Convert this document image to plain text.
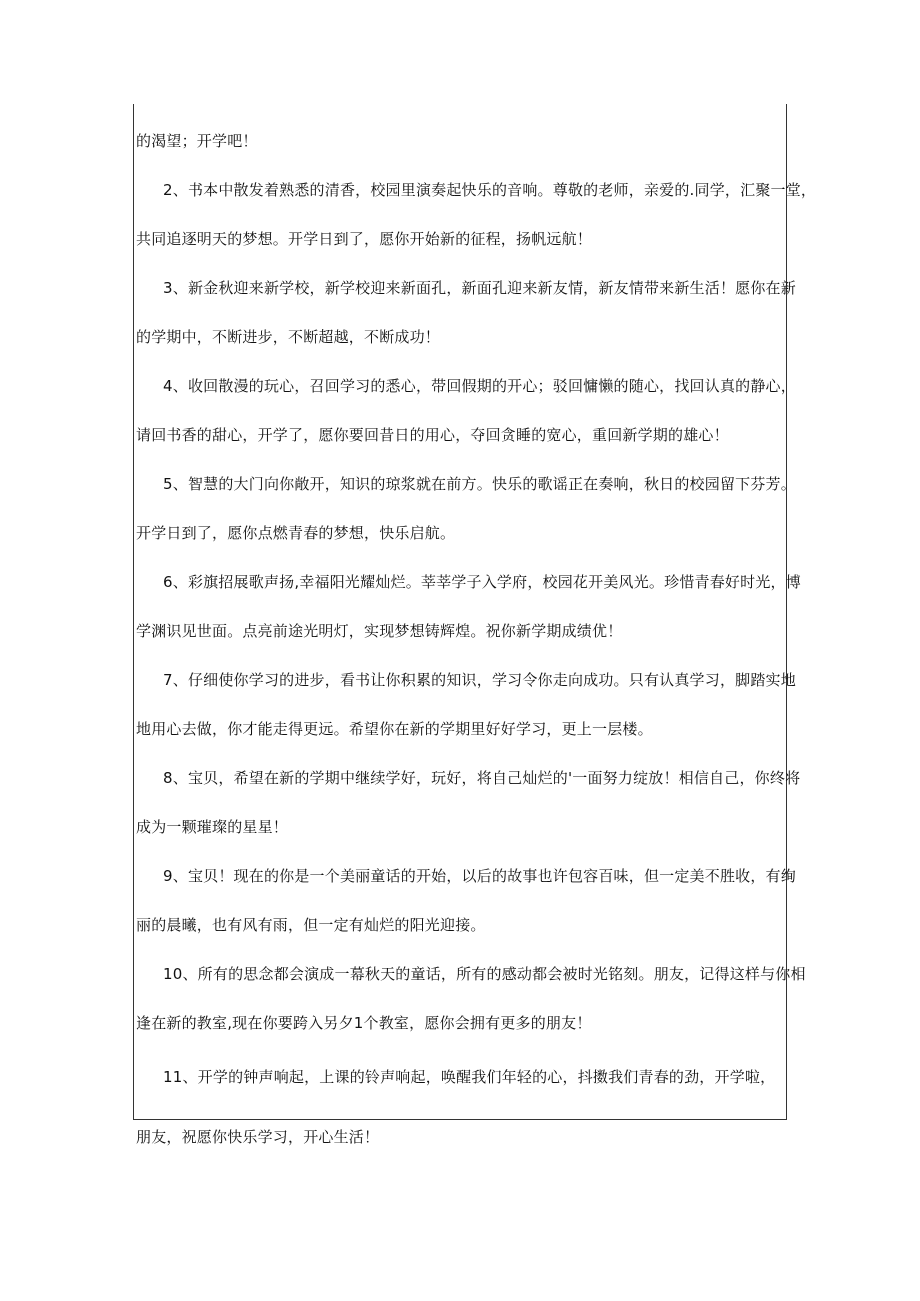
的渴望；开学吧！
2、书本中散发着熟悉的清香，校园里演奏起快乐的音响。尊敬的老师，亲爱的.同学，汇聚一堂，
共同追逐明天的梦想。开学日到了，愿你开始新的征程，扬帆远航！
3、新金秋迎来新学校，新学校迎来新面孔，新面孔迎来新友情，新友情带来新生活！愿你在新
的学期中，不断进步，不断超越，不断成功！
4、收回散漫的玩心，召回学习的悉心，带回假期的开心；驳回慵懒的随心，找回认真的静心，
请回书香的甜心，开学了，愿你要回昔日的用心，夺回贪睡的宽心，重回新学期的雄心！
5、智慧的大门向你敞开，知识的琼浆就在前方。快乐的歌谣正在奏响，秋日的校园留下芬芳。
开学日到了，愿你点燃青春的梦想，快乐启航。
6、彩旗招展歌声扬,幸福阳光耀灿烂。莘莘学子入学府，校园花开美风光。珍惜青春好时光，博
学渊识见世面。点亮前途光明灯，实现梦想铸辉煌。祝你新学期成绩优！
7、仔细使你学习的进步，看书让你积累的知识，学习令你走向成功。只有认真学习，脚踏实地
地用心去做，你才能走得更远。希望你在新的学期里好好学习，更上一层楼。
8、宝贝，希望在新的学期中继续学好，玩好，将自己灿烂的'一面努力绽放！相信自己，你终将
成为一颗璀璨的星星！
9、宝贝！现在的你是一个美丽童话的开始，以后的故事也许包容百味，但一定美不胜收，有绚
丽的晨曦，也有风有雨，但一定有灿烂的阳光迎接。
10、所有的思念都会演成一幕秋天的童话，所有的感动都会被时光铭刻。朋友，记得这样与你相
逢在新的教室,现在你要跨入另夕1个教室，愿你会拥有更多的朋友！
11、开学的钟声响起，上课的铃声响起，唤醒我们年轻的心，抖擞我们青春的劲，开学啦，
朋友，祝愿你快乐学习，开心生活！
